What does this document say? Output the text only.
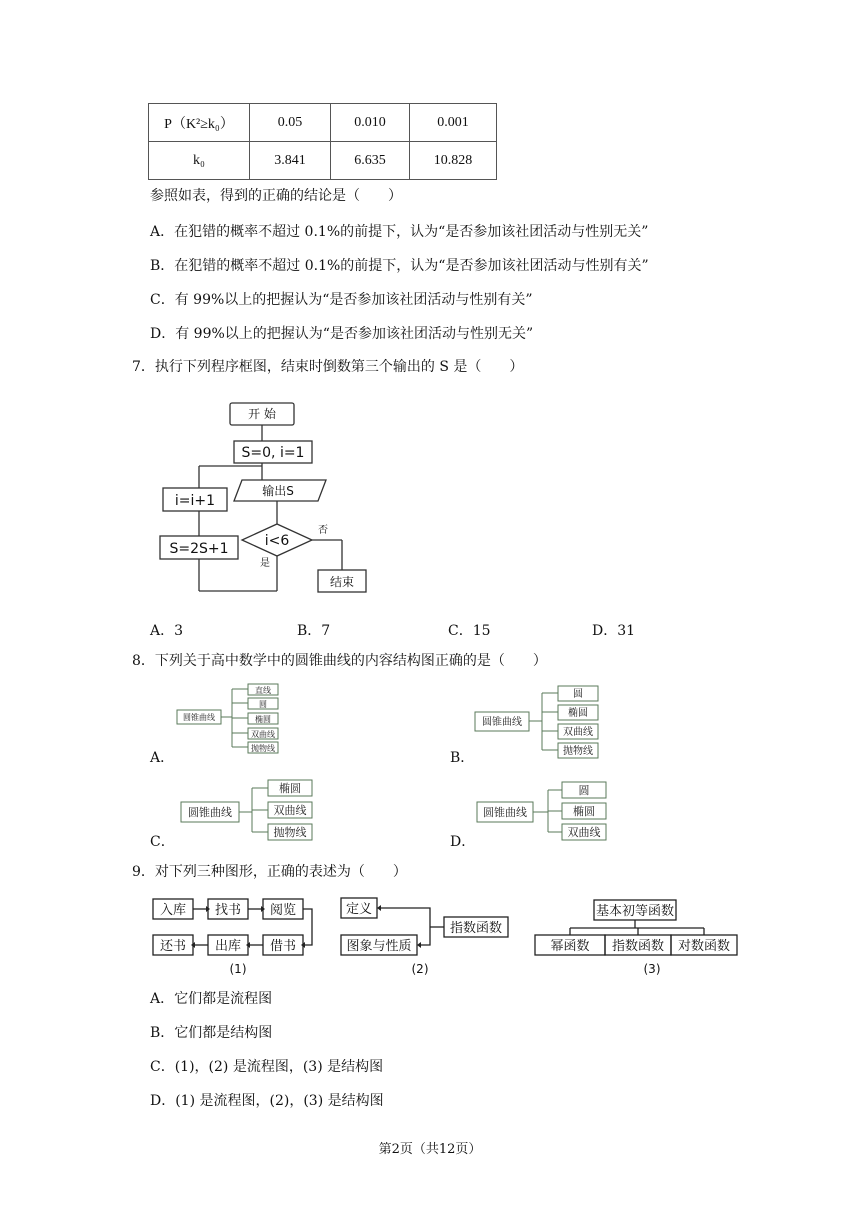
P（K²≥k₀）	0.05	0.010	0.001
k₀	3.841	6.635	10.828
参照如表，得到的正确的结论是（　　）
A．在犯错的概率不超过 0.1%的前提下，认为“是否参加该社团活动与性别无关”
B．在犯错的概率不超过 0.1%的前提下，认为“是否参加该社团活动与性别有关”
C．有 99%以上的把握认为“是否参加该社团活动与性别有关”
D．有 99%以上的把握认为“是否参加该社团活动与性别无关”
7．执行下列程序框图，结束时倒数第三个输出的 S 是（　　）
开 始
S=0, i=1
输出S
i<6
否
是
i=i+1
S=2S+1
结束
A．3	B．7	C．15	D．31
8．下列关于高中数学中的圆锥曲线的内容结构图正确的是（　　）
圆锥曲线
直线
圆
椭圆
双曲线
抛物线
A．
圆锥曲线
圆
椭圆
双曲线
抛物线
B．
圆锥曲线
椭圆
双曲线
抛物线
C．
圆锥曲线
圆
椭圆
双曲线
D．
9．对下列三种图形，正确的表述为（　　）
入库 找书 阅览
还书 出库 借书
(1)
定义
图象与性质
指数函数
(2)
基本初等函数
幂函数 指数函数 对数函数
(3)
A．它们都是流程图
B．它们都是结构图
C．(1)，(2) 是流程图，(3) 是结构图
D．(1) 是流程图，(2)，(3) 是结构图
第2页（共12页）
